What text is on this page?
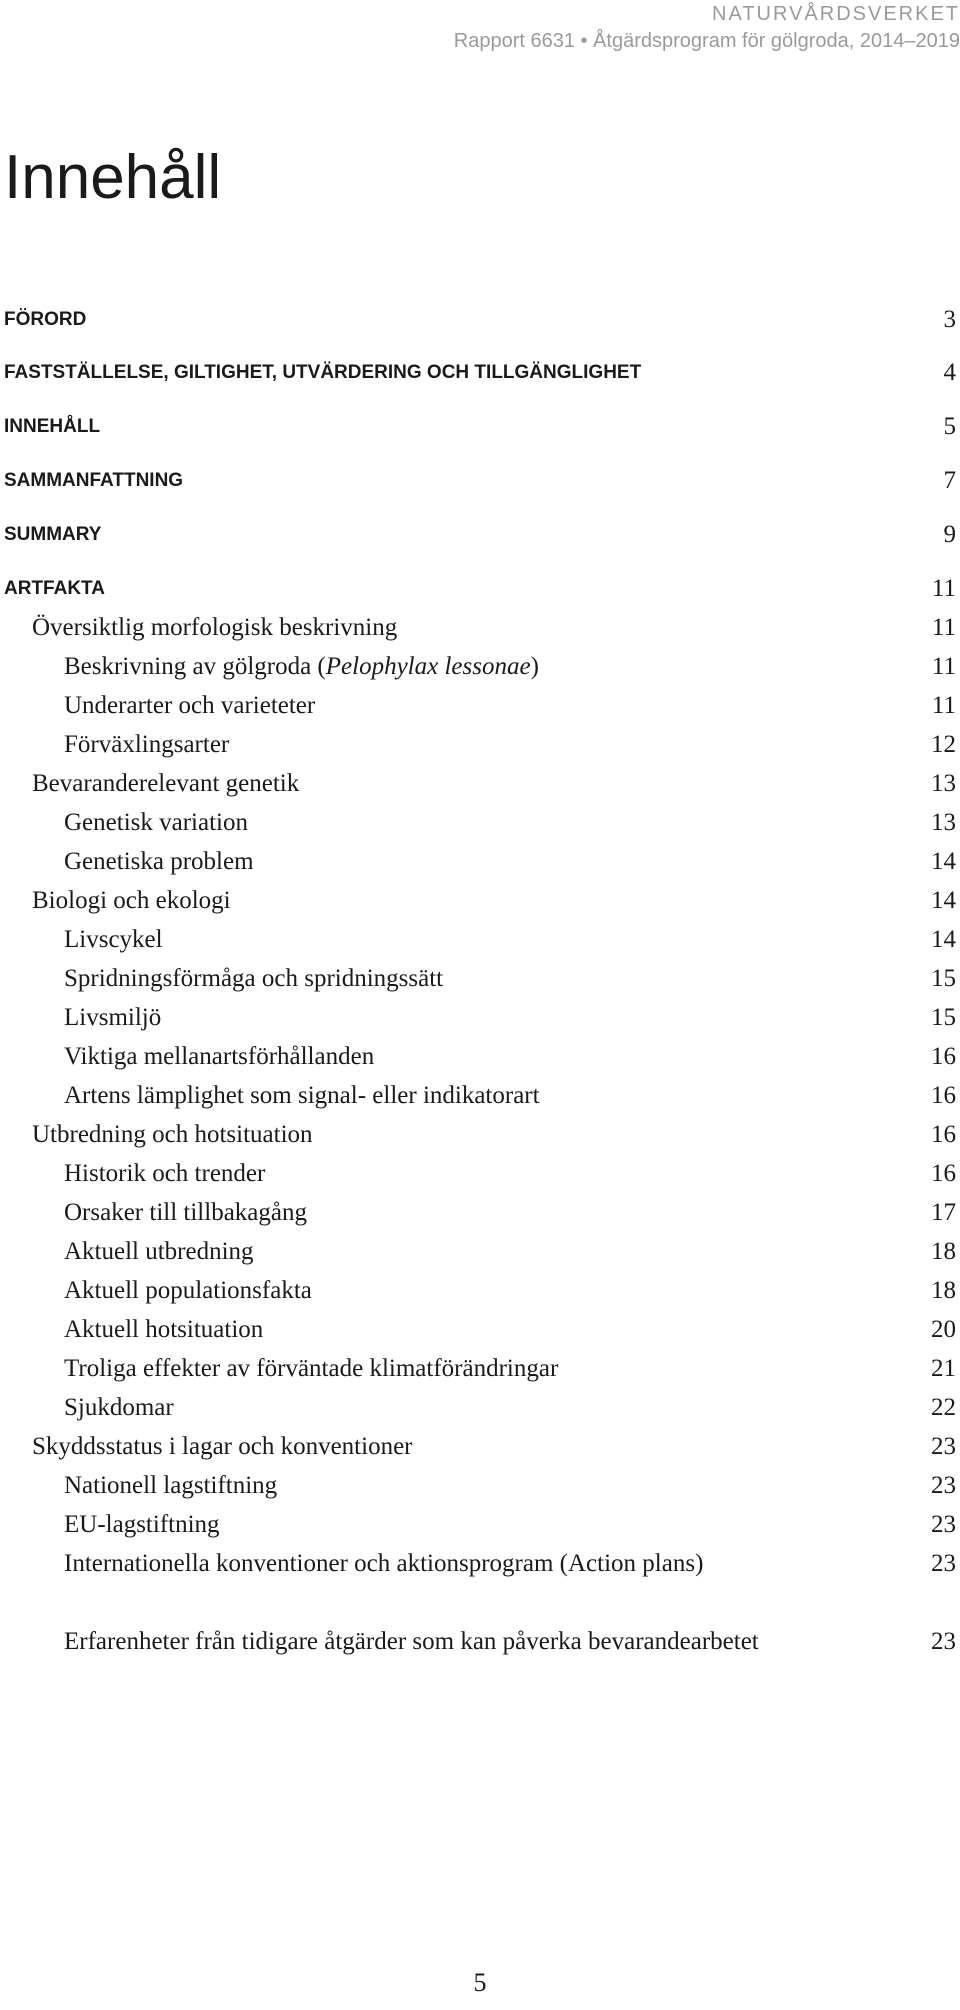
NATURVÅRDSVERKET
Rapport 6631 • Åtgärdsprogram för gölgroda, 2014–2019
Innehåll
FÖRORD	3
FASTSTÄLLELSE, GILTIGHET, UTVÄRDERING OCH TILLGÄNGLIGHET	4
INNEHÅLL	5
SAMMANFATTNING	7
SUMMARY	9
ARTFAKTA	11
Översiktlig morfologisk beskrivning	11
Beskrivning av gölgroda (Pelophylax lessonae)	11
Underarter och varieteter	11
Förväxlingsarter	12
Bevaranderelevant genetik	13
Genetisk variation	13
Genetiska problem	14
Biologi och ekologi	14
Livscykel	14
Spridningsförmåga och spridningssätt	15
Livsmiljö	15
Viktiga mellanartsförhållanden	16
Artens lämplighet som signal- eller indikatorart	16
Utbredning och hotsituation	16
Historik och trender	16
Orsaker till tillbakagång	17
Aktuell utbredning	18
Aktuell populationsfakta	18
Aktuell hotsituation	20
Troliga effekter av förväntade klimatförändringar	21
Sjukdomar	22
Skyddsstatus i lagar och konventioner	23
Nationell lagstiftning	23
EU-lagstiftning	23
Internationella konventioner och aktionsprogram (Action plans)	23
Erfarenheter från tidigare åtgärder som kan påverka bevarandearbetet	23
5
